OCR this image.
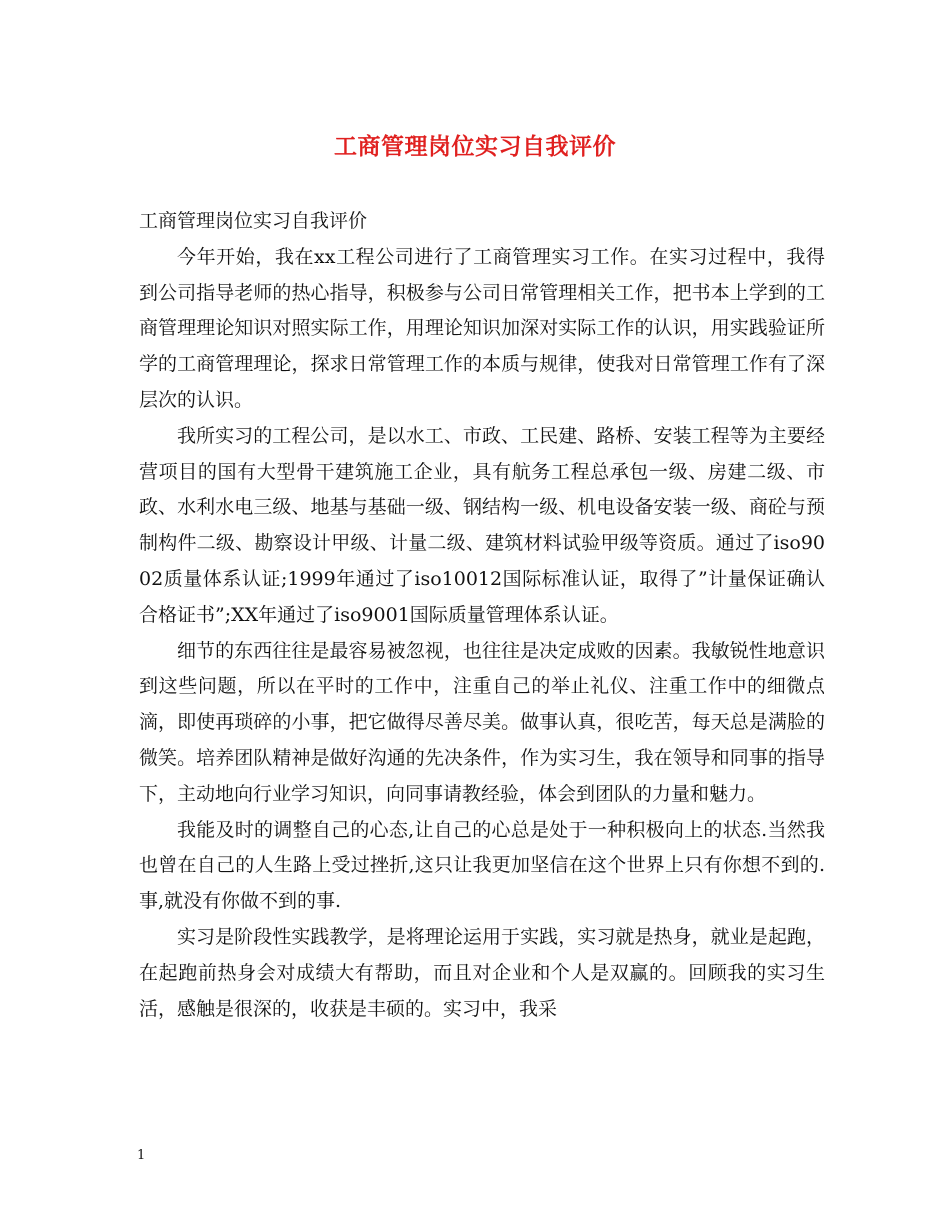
工商管理岗位实习自我评价

工商管理岗位实习自我评价

今年开始，我在xx工程公司进行了工商管理实习工作。在实习过程中，我得到公司指导老师的热心指导，积极参与公司日常管理相关工作，把书本上学到的工商管理理论知识对照实际工作，用理论知识加深对实际工作的认识，用实践验证所学的工商管理理论，探求日常管理工作的本质与规律，使我对日常管理工作有了深层次的认识。

我所实习的工程公司，是以水工、市政、工民建、路桥、安装工程等为主要经营项目的国有大型骨干建筑施工企业，具有航务工程总承包一级、房建二级、市政、水利水电三级、地基与基础一级、钢结构一级、机电设备安装一级、商砼与预制构件二级、勘察设计甲级、计量二级、建筑材料试验甲级等资质。通过了iso9002质量体系认证;1999年通过了iso10012国际标准认证，取得了”计量保证确认合格证书”;XX年通过了iso9001国际质量管理体系认证。

细节的东西往往是最容易被忽视，也往往是决定成败的因素。我敏锐性地意识到这些问题，所以在平时的工作中，注重自己的举止礼仪、注重工作中的细微点滴，即使再琐碎的小事，把它做得尽善尽美。做事认真，很吃苦，每天总是满脸的微笑。培养团队精神是做好沟通的先决条件，作为实习生，我在领导和同事的指导下，主动地向行业学习知识，向同事请教经验，体会到团队的力量和魅力。

我能及时的调整自己的心态,让自己的心总是处于一种积极向上的状态.当然我也曾在自己的人生路上受过挫折,这只让我更加坚信在这个世界上只有你想不到的.事,就没有你做不到的事.

实习是阶段性实践教学，是将理论运用于实践，实习就是热身，就业是起跑，在起跑前热身会对成绩大有帮助，而且对企业和个人是双赢的。回顾我的实习生活，感触是很深的，收获是丰硕的。实习中，我采

1
